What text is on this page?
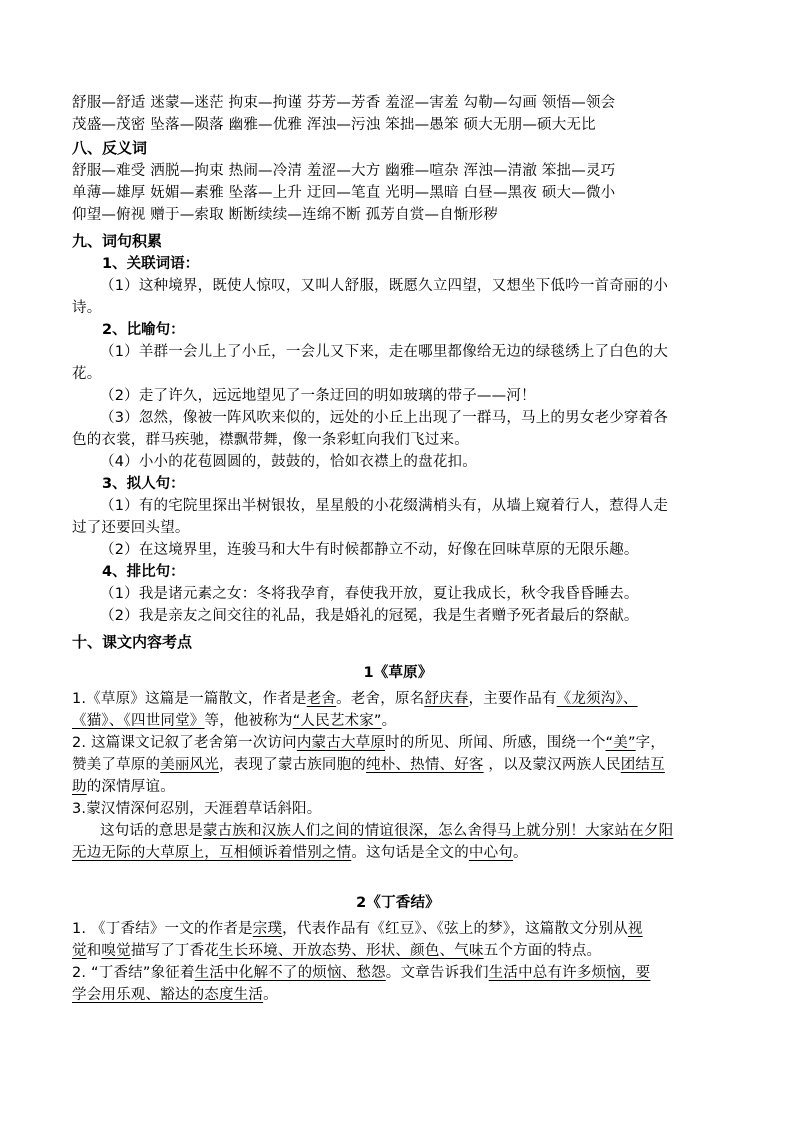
舒服—舒适 迷蒙—迷茫 拘束—拘谨 芬芳—芳香 羞涩—害羞 勾勒—勾画 领悟—领会
茂盛—茂密 坠落—陨落 幽雅—优雅 浑浊—污浊 笨拙—愚笨 硕大无朋—硕大无比
八、反义词
舒服—难受 洒脱—拘束 热闹—冷清 羞涩—大方 幽雅—喧杂 浑浊—清澈 笨拙—灵巧
单薄—雄厚 妩媚—素雅 坠落—上升 迂回—笔直 光明—黑暗 白昼—黑夜 硕大—微小
仰望—俯视 赠于—索取 断断续续—连绵不断 孤芳自赏—自惭形秽
九、词句积累
1、关联词语：
（1）这种境界，既使人惊叹，又叫人舒服，既愿久立四望，又想坐下低吟一首奇丽的小
诗。
2、比喻句：
（1）羊群一会儿上了小丘，一会儿又下来，走在哪里都像给无边的绿毯绣上了白色的大
花。
（2）走了许久，远远地望见了一条迂回的明如玻璃的带子——河！
（3）忽然，像被一阵风吹来似的，远处的小丘上出现了一群马，马上的男女老少穿着各
色的衣裳，群马疾驰，襟飘带舞，像一条彩虹向我们飞过来。
（4）小小的花苞圆圆的，鼓鼓的，恰如衣襟上的盘花扣。
3、拟人句：
（1）有的宅院里探出半树银妆，星星般的小花缀满梢头有，从墙上窥着行人，惹得人走
过了还要回头望。
（2）在这境界里，连骏马和大牛有时候都静立不动，好像在回味草原的无限乐趣。
4、排比句：
（1）我是诸元素之女：冬将我孕育，春使我开放，夏让我成长，秋令我昏昏睡去。
（2）我是亲友之间交往的礼品，我是婚礼的冠冕，我是生者赠予死者最后的祭献。
十、课文内容考点
1《草原》
1.《草原》这篇是一篇散文，作者是老舍。老舍，原名舒庆春，主要作品有《龙须沟》、
《猫》、《四世同堂》等，他被称为“人民艺术家”。
2. 这篇课文记叙了老舍第一次访问内蒙古大草原时的所见、所闻、所感，围绕一个“美”字，
赞美了草原的美丽风光，表现了蒙古族同胞的纯朴、热情、好客 ，以及蒙汉两族人民团结互
助的深情厚谊。
3.蒙汉情深何忍别，天涯碧草话斜阳。
这句话的意思是蒙古族和汉族人们之间的情谊很深，怎么舍得马上就分别！大家站在夕阳
无边无际的大草原上，互相倾诉着惜别之情。这句话是全文的中心句。
2《丁香结》
1. 《丁香结》一文的作者是宗璞，代表作品有《红豆》、《弦上的梦》，这篇散文分别从视
觉和嗅觉描写了丁香花生长环境、开放态势、形状、颜色、气味五个方面的特点。
2. “丁香结”象征着生活中化解不了的烦恼、愁怨。文章告诉我们生活中总有许多烦恼，要
学会用乐观、豁达的态度生活。
